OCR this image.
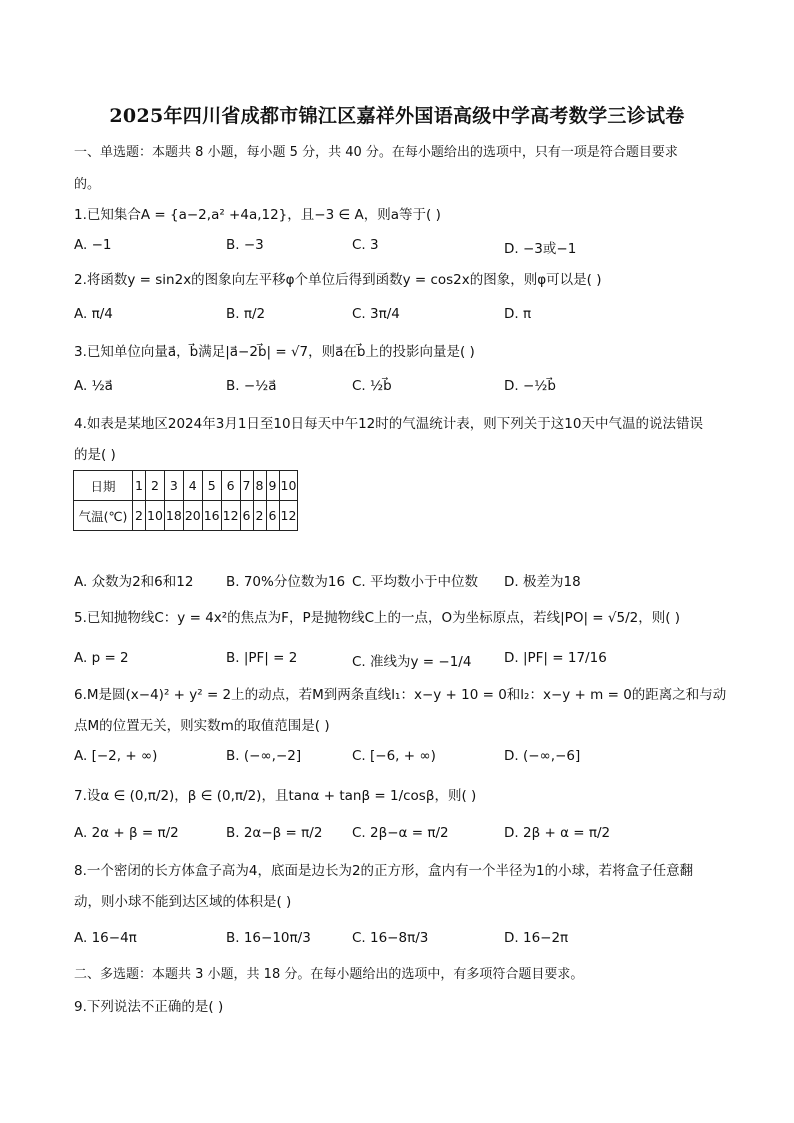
2025年四川省成都市锦江区嘉祥外国语高级中学高考数学三诊试卷
一、单选题：本题共 8 小题，每小题 5 分，共 40 分。在每小题给出的选项中，只有一项是符合题目要求
的。
1.已知集合A = {a−2,a² +4a,12}，且−3 ∈ A，则a等于( )
A. −1	B. −3	C. 3	D. −3或−1
2.将函数y = sin2x的图象向左平移φ个单位后得到函数y = cos2x的图象，则φ可以是( )
A. π/4	B. π/2	C. 3π/4	D. π
3.已知单位向量a⃗，b⃗满足|a⃗−2b⃗| = √7，则a⃗在b⃗上的投影向量是( )
A. ½a⃗	B. −½a⃗	C. ½b⃗	D. −½b⃗
4.如表是某地区2024年3月1日至10日每天中午12时的气温统计表，则下列关于这10天中气温的说法错误
的是( )
日期	1	2	3	4	5	6	7	8	9	10
气温(℃)	2	10	18	20	16	12	6	2	6	12
A. 众数为2和6和12 B. 70%分位数为16 C. 平均数小于中位数 D. 极差为18
5.已知抛物线C：y = 4x²的焦点为F，P是抛物线C上的一点，O为坐标原点，若线|PO| = √5/2，则( )
A. p = 2	B. |PF| = 2	C. 准线为y = −1/4 D. |PF| = 17/16
6.M是圆(x−4)² + y² = 2上的动点，若M到两条直线l₁：x−y + 10 = 0和l₂：x−y + m = 0的距离之和与动
点M的位置无关，则实数m的取值范围是( )
A. [−2, + ∞)	B. (−∞,−2]	C. [−6, + ∞)	D. (−∞,−6]
7.设α ∈ (0,π/2)，β ∈ (0,π/2)，且tanα + tanβ = 1/cosβ，则( )
A. 2α + β = π/2	B. 2α−β = π/2 C. 2β−α = π/2	D. 2β + α = π/2
8.一个密闭的长方体盒子高为4，底面是边长为2的正方形，盒内有一个半径为1的小球，若将盒子任意翻
动，则小球不能到达区域的体积是( )
A. 16−4π	B. 16−10π/3	C. 16−8π/3	D. 16−2π
二、多选题：本题共 3 小题，共 18 分。在每小题给出的选项中，有多项符合题目要求。
9.下列说法不正确的是( )
